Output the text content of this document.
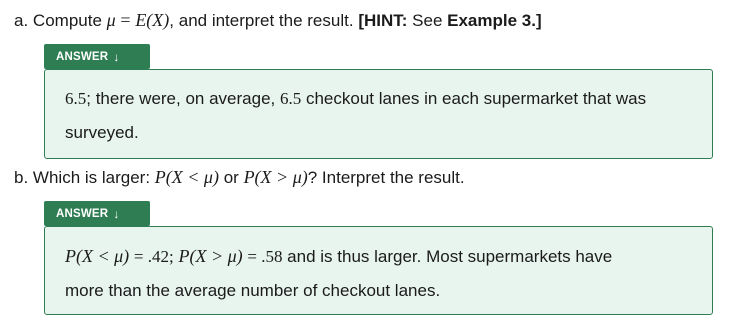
a. Compute μ = E(X), and interpret the result. [HINT: See Example 3.]
ANSWER ↓
6.5; there were, on average, 6.5 checkout lanes in each supermarket that was
surveyed.
b. Which is larger: P(X < μ) or P(X > μ)? Interpret the result.
ANSWER ↓
P(X < μ) = .42; P(X > μ) = .58 and is thus larger. Most supermarkets have
more than the average number of checkout lanes.
